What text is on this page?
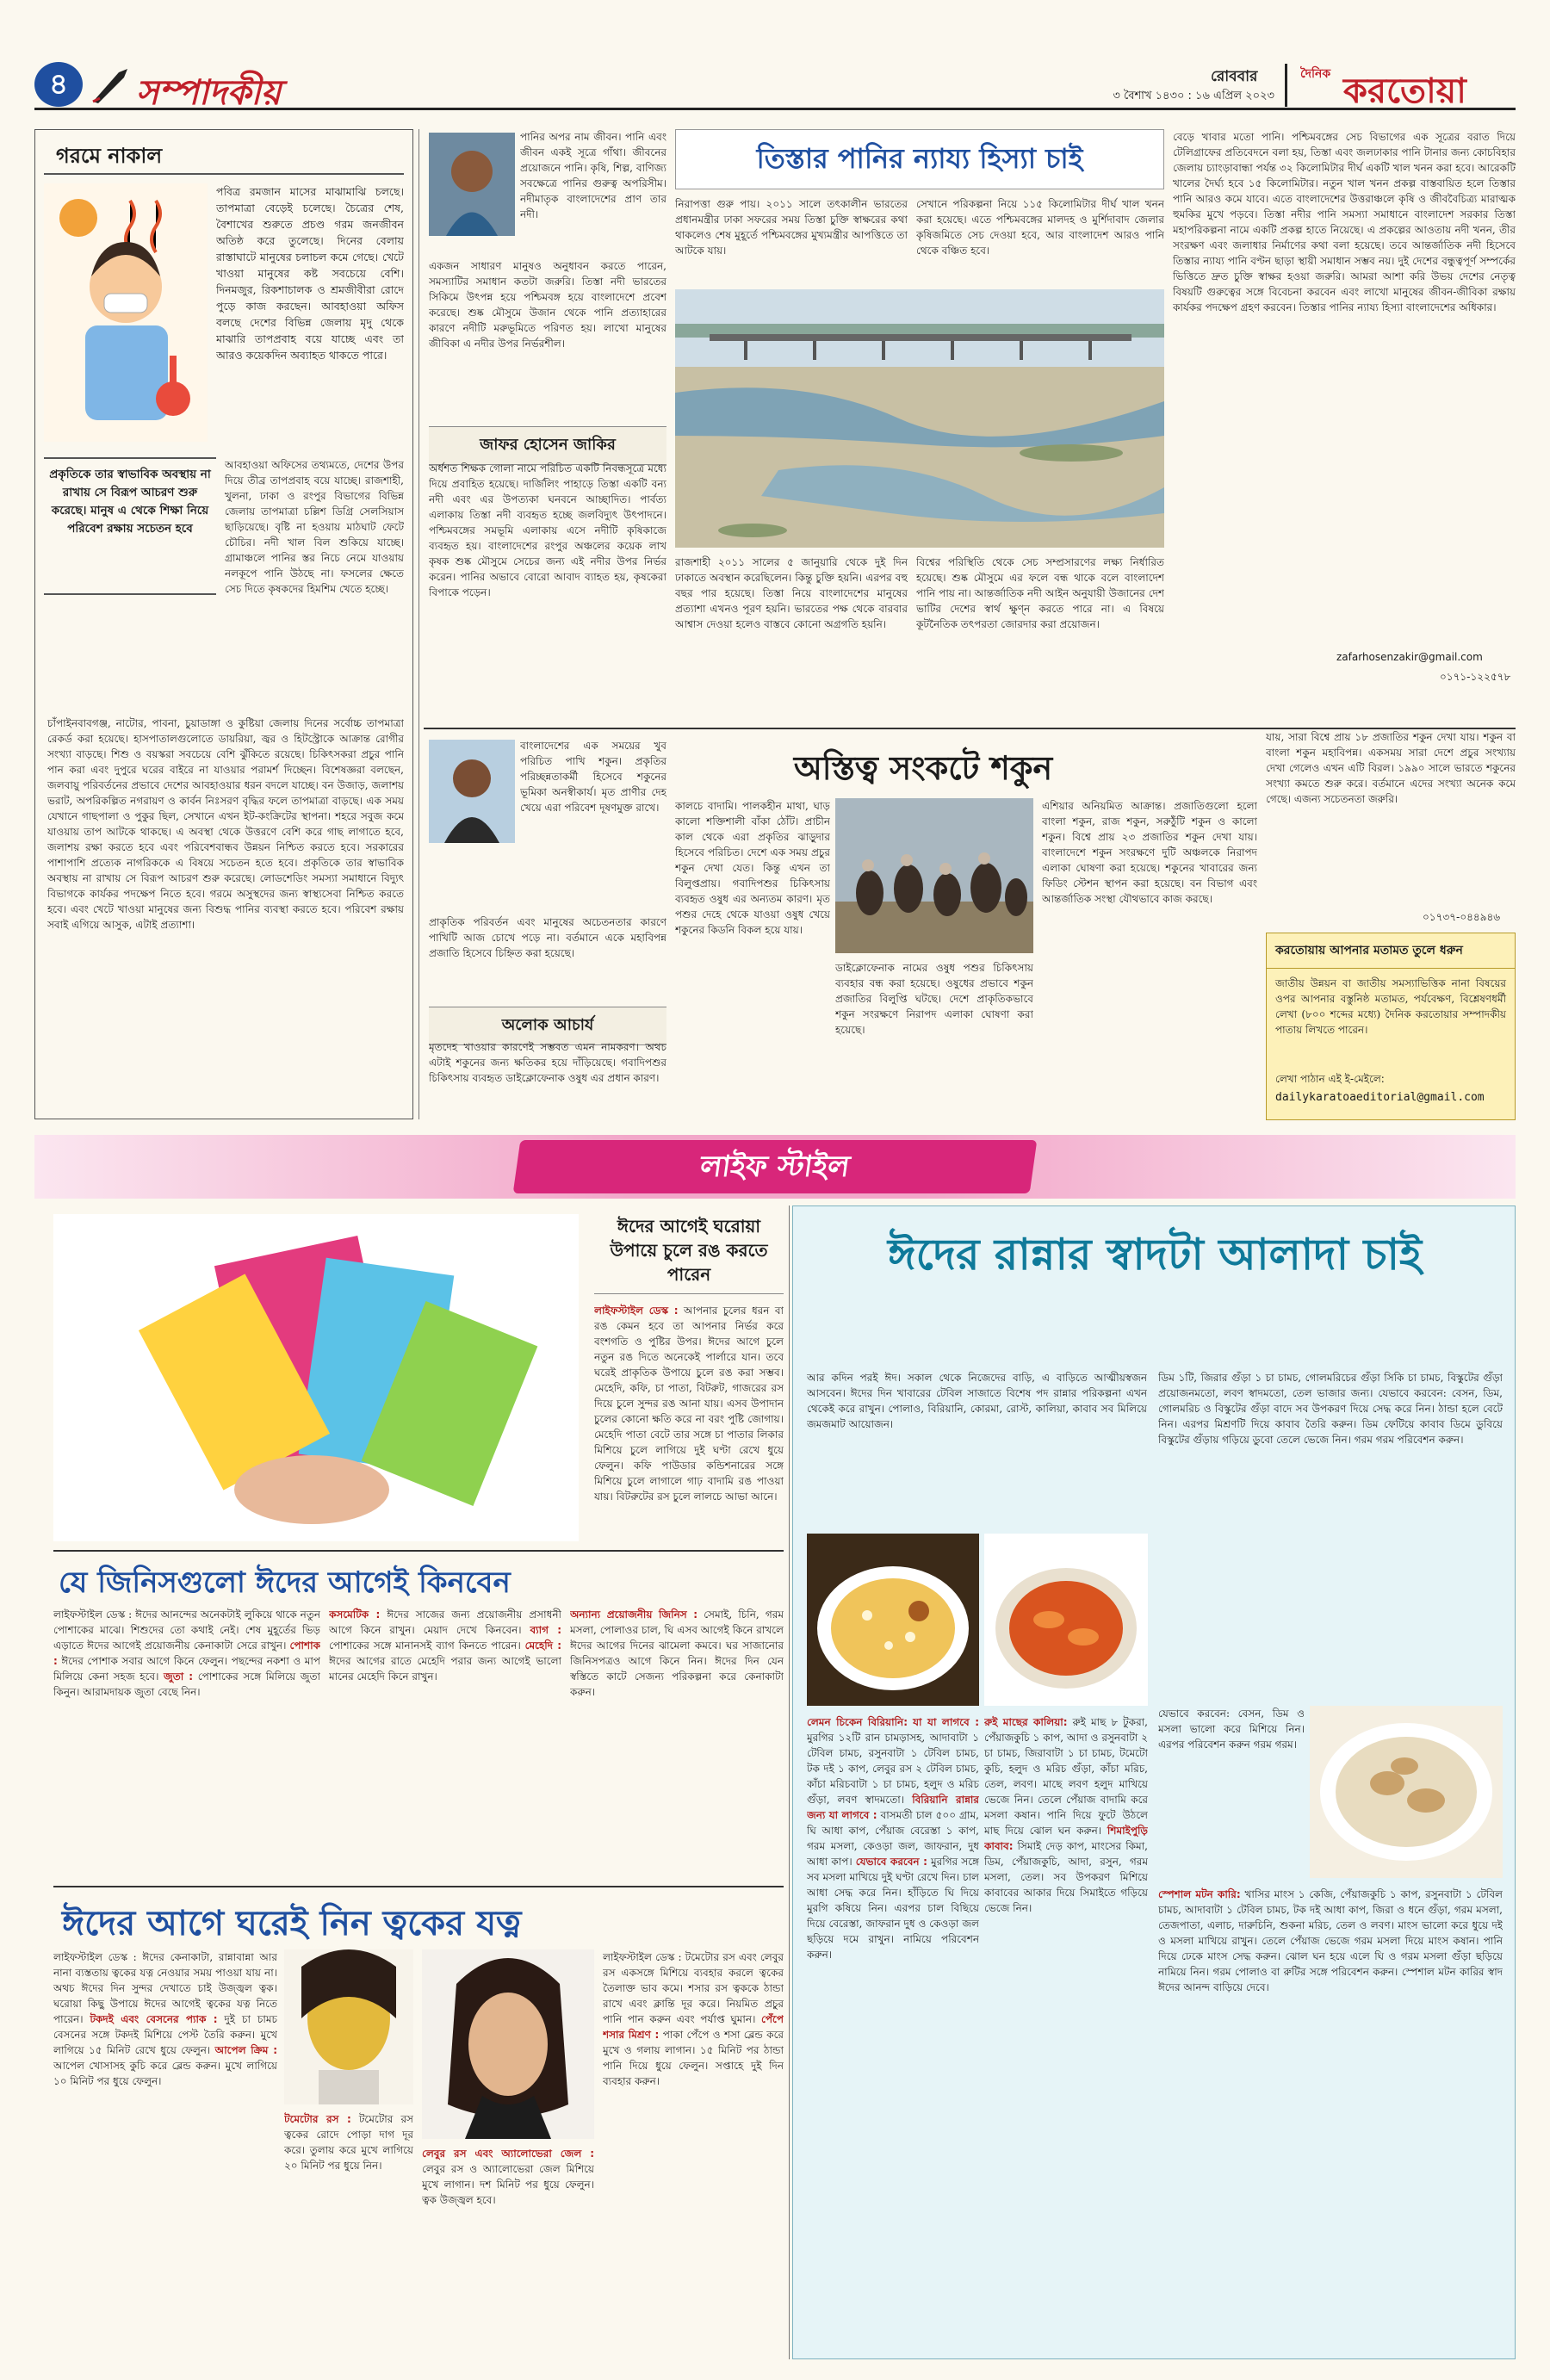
৪	সম্পাদকীয়	রোববার
৩ বৈশাখ ১৪৩০ : ১৬ এপ্রিল ২০২৩
দৈনিক করতোয়া
গরমে নাকাল
পবিত্র রমজান মাসের মাঝামাঝি চলছে। তাপমাত্রা বেড়েই চলেছে। চৈত্রের শেষ, বৈশাখের শুরুতে প্রচণ্ড গরম জনজীবন অতিষ্ঠ করে তুলেছে। দিনের বেলায় রাস্তাঘাটে মানুষের চলাচল কমে গেছে। খেটে খাওয়া মানুষের কষ্ট সবচেয়ে বেশি। দিনমজুর, রিকশাচালক ও শ্রমজীবীরা রোদে পুড়ে কাজ করছেন। আবহাওয়া অফিস বলছে দেশের বিভিন্ন জেলায় মৃদু থেকে মাঝারি তাপপ্রবাহ বয়ে যাচ্ছে এবং তা আরও কয়েকদিন অব্যাহত থাকতে পারে।
প্রকৃতিকে তার স্বাভাবিক অবস্থায় না রাখায় সে বিরূপ আচরণ শুরু করেছে। মানুষ এ থেকে শিক্ষা নিয়ে পরিবেশ রক্ষায় সচেতন হবে
আবহাওয়া অফিসের তথ্যমতে, দেশের উপর দিয়ে তীব্র তাপপ্রবাহ বয়ে যাচ্ছে। রাজশাহী, খুলনা, ঢাকা ও রংপুর বিভাগের বিভিন্ন জেলায় তাপমাত্রা চল্লিশ ডিগ্রি সেলসিয়াস ছাড়িয়েছে। বৃষ্টি না হওয়ায় মাঠঘাট ফেটে চৌচির। নদী খাল বিল শুকিয়ে যাচ্ছে। গ্রামাঞ্চলে পানির স্তর নিচে নেমে যাওয়ায় নলকূপে পানি উঠছে না। ফসলের ক্ষেতে সেচ দিতে কৃষকদের হিমশিম খেতে হচ্ছে।
চাঁপাইনবাবগঞ্জ, নাটোর, পাবনা, চুয়াডাঙ্গা ও কুষ্টিয়া জেলায় দিনের সর্বোচ্চ তাপমাত্রা রেকর্ড করা হয়েছে। হাসপাতালগুলোতে ডায়রিয়া, জ্বর ও হিটস্ট্রোকে আক্রান্ত রোগীর সংখ্যা বাড়ছে। শিশু ও বয়স্করা সবচেয়ে বেশি ঝুঁকিতে রয়েছে। চিকিৎসকরা প্রচুর পানি পান করা এবং দুপুরে ঘরের বাইরে না যাওয়ার পরামর্শ দিচ্ছেন। বিশেষজ্ঞরা বলছেন, জলবায়ু পরিবর্তনের প্রভাবে দেশের আবহাওয়ার ধরন বদলে যাচ্ছে। বন উজাড়, জলাশয় ভরাট, অপরিকল্পিত নগরায়ণ ও কার্বন নিঃসরণ বৃদ্ধির ফলে তাপমাত্রা বাড়ছে। এক সময় যেখানে গাছপালা ও পুকুর ছিল, সেখানে এখন ইট-কংক্রিটের স্থাপনা। শহরে সবুজ কমে যাওয়ায় তাপ আটকে থাকছে। এ অবস্থা থেকে উত্তরণে বেশি করে গাছ লাগাতে হবে, জলাশয় রক্ষা করতে হবে এবং পরিবেশবান্ধব উন্নয়ন নিশ্চিত করতে হবে। সরকারের পাশাপাশি প্রত্যেক নাগরিককে এ বিষয়ে সচেতন হতে হবে। প্রকৃতিকে তার স্বাভাবিক অবস্থায় না রাখায় সে বিরূপ আচরণ শুরু করেছে। লোডশেডিং সমস্যা সমাধানে বিদ্যুৎ বিভাগকে কার্যকর পদক্ষেপ নিতে হবে। গরমে অসুস্থদের জন্য স্বাস্থ্যসেবা নিশ্চিত করতে হবে। এবং খেটে খাওয়া মানুষের জন্য বিশুদ্ধ পানির ব্যবস্থা করতে হবে। পরিবেশ রক্ষায় সবাই এগিয়ে আসুক, এটাই প্রত্যাশা।
পানির অপর নাম জীবন। পানি এবং জীবন একই সূত্রে গাঁথা। জীবনের প্রয়োজনে পানি। কৃষি, শিল্প, বাণিজ্য সবক্ষেত্রে পানির গুরুত্ব অপরিসীম। নদীমাতৃক বাংলাদেশের প্রাণ তার নদী।
একজন সাধারণ মানুষও অনুধাবন করতে পারেন, সমস্যাটির সমাধান কতটা জরুরি। তিস্তা নদী ভারতের সিকিমে উৎপন্ন হয়ে পশ্চিমবঙ্গ হয়ে বাংলাদেশে প্রবেশ করেছে। শুষ্ক মৌসুমে উজান থেকে পানি প্রত্যাহারের কারণে নদীটি মরুভূমিতে পরিণত হয়। লাখো মানুষের জীবিকা এ নদীর উপর নির্ভরশীল।
জাফর হোসেন জাকির
অর্ধশত শিক্ষক গোলা নামে পরিচিত একটি নিবন্ধসূত্রে মধ্যে দিয়ে প্রবাহিত হয়েছে। দার্জিলিং পাহাড়ে তিস্তা একটি বন্য নদী এবং এর উপত্যকা ঘনবনে আচ্ছাদিত। পার্বত্য এলাকায় তিস্তা নদী ব্যবহৃত হচ্ছে জলবিদ্যুৎ উৎপাদনে। পশ্চিমবঙ্গের সমভূমি এলাকায় এসে নদীটি কৃষিকাজে ব্যবহৃত হয়। বাংলাদেশের রংপুর অঞ্চলের কয়েক লাখ কৃষক শুষ্ক মৌসুমে সেচের জন্য এই নদীর উপর নির্ভর করেন। পানির অভাবে বোরো আবাদ ব্যাহত হয়, কৃষকেরা বিপাকে পড়েন।
তিস্তার পানির ন্যায্য হিস্যা চাই
নিরাপত্তা গুরু পায়। ২০১১ সালে তৎকালীন ভারতের প্রধানমন্ত্রীর ঢাকা সফরের সময় তিস্তা চুক্তি স্বাক্ষরের কথা থাকলেও শেষ মুহূর্তে পশ্চিমবঙ্গের মুখ্যমন্ত্রীর আপত্তিতে তা আটকে যায়।
সেখানে পরিকল্পনা নিয়ে ১১৫ কিলোমিটার দীর্ঘ খাল খনন করা হয়েছে। এতে পশ্চিমবঙ্গের মালদহ ও মুর্শিদাবাদ জেলার কৃষিজমিতে সেচ দেওয়া হবে, আর বাংলাদেশ আরও পানি থেকে বঞ্চিত হবে।
রাজশাহী ২০১১ সালের ৫ জানুয়ারি থেকে দুই দিন ঢাকাতে অবস্থান করেছিলেন। কিন্তু চুক্তি হয়নি। এরপর বহু বছর পার হয়েছে। তিস্তা নিয়ে বাংলাদেশের মানুষের প্রত্যাশা এখনও পূরণ হয়নি। ভারতের পক্ষ থেকে বারবার আশ্বাস দেওয়া হলেও বাস্তবে কোনো অগ্রগতি হয়নি।
বিশ্বের পরিস্থিতি থেকে সেচ সম্প্রসারণের লক্ষ্য নির্ধারিত হয়েছে। শুষ্ক মৌসুমে এর ফলে বন্ধ থাকে বলে বাংলাদেশ পানি পায় না। আন্তর্জাতিক নদী আইন অনুযায়ী উজানের দেশ ভাটির দেশের স্বার্থ ক্ষুণ্ন করতে পারে না। এ বিষয়ে কূটনৈতিক তৎপরতা জোরদার করা প্রয়োজন।
বেড়ে খাবার মতো পানি। পশ্চিমবঙ্গের সেচ বিভাগের এক সূত্রের বরাত দিয়ে টেলিগ্রাফের প্রতিবেদনে বলা হয়, তিস্তা এবং জলঢাকার পানি টানার জন্য কোচবিহার জেলায় চ্যাংড়াবান্ধা পর্যন্ত ৩২ কিলোমিটার দীর্ঘ একটি খাল খনন করা হবে। আরেকটি খালের দৈর্ঘ্য হবে ১৫ কিলোমিটার। নতুন খাল খনন প্রকল্প বাস্তবায়িত হলে তিস্তার পানি আরও কমে যাবে। এতে বাংলাদেশের উত্তরাঞ্চলে কৃষি ও জীববৈচিত্র্য মারাত্মক হুমকির মুখে পড়বে। তিস্তা নদীর পানি সমস্যা সমাধানে বাংলাদেশ সরকার তিস্তা মহাপরিকল্পনা নামে একটি প্রকল্প হাতে নিয়েছে। এ প্রকল্পের আওতায় নদী খনন, তীর সংরক্ষণ এবং জলাধার নির্মাণের কথা বলা হয়েছে। তবে আন্তর্জাতিক নদী হিসেবে তিস্তার ন্যায্য পানি বণ্টন ছাড়া স্থায়ী সমাধান সম্ভব নয়। দুই দেশের বন্ধুত্বপূর্ণ সম্পর্কের ভিত্তিতে দ্রুত চুক্তি স্বাক্ষর হওয়া জরুরি। আমরা আশা করি উভয় দেশের নেতৃত্ব বিষয়টি গুরুত্বের সঙ্গে বিবেচনা করবেন এবং লাখো মানুষের জীবন-জীবিকা রক্ষায় কার্যকর পদক্ষেপ গ্রহণ করবেন। তিস্তার পানির ন্যায্য হিস্যা বাংলাদেশের অধিকার।
zafarhosenzakir@gmail.com
০১৭১-১২২৫৭৮
বাংলাদেশের এক সময়ের খুব পরিচিত পাখি শকুন। প্রকৃতির পরিচ্ছন্নতাকর্মী হিসেবে শকুনের ভূমিকা অনস্বীকার্য। মৃত প্রাণীর দেহ খেয়ে এরা পরিবেশ দূষণমুক্ত রাখে।
প্রাকৃতিক পরিবর্তন এবং মানুষের অচেতনতার কারণে পাখিটি আজ চোখে পড়ে না। বর্তমানে একে মহাবিপন্ন প্রজাতি হিসেবে চিহ্নিত করা হয়েছে।
অলোক আচার্য
মৃতদেহ খাওয়ার কারণেই সম্ভবত এমন নামকরণ। অথচ এটাই শকুনের জন্য ক্ষতিকর হয়ে দাঁড়িয়েছে। গবাদিপশুর চিকিৎসায় ব্যবহৃত ডাইক্লোফেনাক ওষুধ এর প্রধান কারণ।
অস্তিত্ব সংকটে শকুন
কালচে বাদামি। পালকহীন মাথা, ঘাড় কালো শক্তিশালী বাঁকা ঠোঁট। প্রাচীন কাল থেকে এরা প্রকৃতির ঝাড়ুদার হিসেবে পরিচিত। দেশে এক সময় প্রচুর শকুন দেখা যেত। কিন্তু এখন তা বিলুপ্তপ্রায়। গবাদিপশুর চিকিৎসায় ব্যবহৃত ওষুধ এর অন্যতম কারণ। মৃত পশুর দেহে থেকে যাওয়া ওষুধ খেয়ে শকুনের কিডনি বিকল হয়ে যায়।
ডাইক্লোফেনাক নামের ওষুধ পশুর চিকিৎসায় ব্যবহার বন্ধ করা হয়েছে। ওষুধের প্রভাবে শকুন প্রজাতির বিলুপ্তি ঘটছে। দেশে প্রাকৃতিকভাবে শকুন সংরক্ষণে নিরাপদ এলাকা ঘোষণা করা হয়েছে।
এশিয়ার অনিয়মিত আক্রান্ত। প্রজাতিগুলো হলো বাংলা শকুন, রাজ শকুন, সরুঠুঁটি শকুন ও কালো শকুন। বিশ্বে প্রায় ২৩ প্রজাতির শকুন দেখা যায়। বাংলাদেশে শকুন সংরক্ষণে দুটি অঞ্চলকে নিরাপদ এলাকা ঘোষণা করা হয়েছে। শকুনের খাবারের জন্য ফিডিং স্টেশন স্থাপন করা হয়েছে। বন বিভাগ এবং আন্তর্জাতিক সংস্থা যৌথভাবে কাজ করছে।
যায়, সারা বিশ্বে প্রায় ১৮ প্রজাতির শকুন দেখা যায়। শকুন বা বাংলা শকুন মহাবিপন্ন। একসময় সারা দেশে প্রচুর সংখ্যায় দেখা গেলেও এখন এটি বিরল। ১৯৯০ সালে ভারতে শকুনের সংখ্যা কমতে শুরু করে। বর্তমানে এদের সংখ্যা অনেক কমে গেছে। এজন্য সচেতনতা জরুরি।
০১৭৩৭-০৪৪৯৪৬
করতোয়ায় আপনার মতামত তুলে ধরুন
জাতীয় উন্নয়ন বা জাতীয় সমস্যাভিত্তিক নানা বিষয়ের ওপর আপনার বস্তুনিষ্ঠ মতামত, পর্যবেক্ষণ, বিশ্লেষণধর্মী লেখা (৮০০ শব্দের মধ্যে) দৈনিক করতোয়ার সম্পাদকীয় পাতায় লিখতে পারেন।
লেখা পাঠান এই ই-মেইলে:
dailykaratoaeditorial@gmail.com
লাইফ স্টাইল
ঈদের আগেই ঘরোয়া উপায়ে চুলে রঙ করতে পারেন
লাইফস্টাইল ডেস্ক : আপনার চুলের ধরন বা রঙ কেমন হবে তা আপনার নির্ভর করে বংশগতি ও পুষ্টির উপর। ঈদের আগে চুলে নতুন রঙ দিতে অনেকেই পার্লারে যান। তবে ঘরেই প্রাকৃতিক উপায়ে চুলে রঙ করা সম্ভব। মেহেদি, কফি, চা পাতা, বিটরুট, গাজরের রস দিয়ে চুলে সুন্দর রঙ আনা যায়। এসব উপাদান চুলের কোনো ক্ষতি করে না বরং পুষ্টি জোগায়। মেহেদি পাতা বেটে তার সঙ্গে চা পাতার লিকার মিশিয়ে চুলে লাগিয়ে দুই ঘণ্টা রেখে ধুয়ে ফেলুন। কফি পাউডার কন্ডিশনারের সঙ্গে মিশিয়ে চুলে লাগালে গাঢ় বাদামি রঙ পাওয়া যায়। বিটরুটের রস চুলে লালচে আভা আনে।
ঈদের রান্নার স্বাদটা আলাদা চাই
আর কদিন পরই ঈদ। সকাল থেকে নিজেদের বাড়ি, এ বাড়িতে আত্মীয়স্বজন আসবেন। ঈদের দিন খাবারের টেবিল সাজাতে বিশেষ পদ রান্নার পরিকল্পনা এখন থেকেই করে রাখুন। পোলাও, বিরিয়ানি, কোরমা, রোস্ট, কালিয়া, কাবাব সব মিলিয়ে জমজমাট আয়োজন।
ডিম ১টি, জিরার গুঁড়া ১ চা চামচ, গোলমরিচের গুঁড়া সিকি চা চামচ, বিস্কুটের গুঁড়া প্রয়োজনমতো, লবণ স্বাদমতো, তেল ভাজার জন্য। যেভাবে করবেন: বেসন, ডিম, গোলমরিচ ও বিস্কুটের গুঁড়া বাদে সব উপকরণ দিয়ে সেদ্ধ করে নিন। ঠান্ডা হলে বেটে নিন। এরপর মিশ্রণটি দিয়ে কাবাব তৈরি করুন। ডিম ফেটিয়ে কাবাব ডিমে ডুবিয়ে বিস্কুটের গুঁড়ায় গড়িয়ে ডুবো তেলে ভেজে নিন। গরম গরম পরিবেশন করুন।
লেমন চিকেন বিরিয়ানি: যা যা লাগবে : মুরগির ১২টি রান চামড়াসহ, আদাবাটা ১ টেবিল চামচ, রসুনবাটা ১ টেবিল চামচ, টক দই ১ কাপ, লেবুর রস ২ টেবিল চামচ, কাঁচা মরিচবাটা ১ চা চামচ, হলুদ ও মরিচ গুঁড়া, লবণ স্বাদমতো। বিরিয়ানি রান্নার জন্য যা লাগবে : বাসমতী চাল ৫০০ গ্রাম, ঘি আধা কাপ, পেঁয়াজ বেরেস্তা ১ কাপ, গরম মসলা, কেওড়া জল, জাফরান, দুধ আধা কাপ। যেভাবে করবেন : মুরগির সঙ্গে সব মসলা মাখিয়ে দুই ঘণ্টা রেখে দিন। চাল আধা সেদ্ধ করে নিন। হাঁড়িতে ঘি দিয়ে মুরগি কষিয়ে নিন। এরপর চাল বিছিয়ে দিয়ে বেরেস্তা, জাফরান দুধ ও কেওড়া জল ছড়িয়ে দমে রাখুন। নামিয়ে পরিবেশন করুন।
রুই মাছের কালিয়া: রুই মাছ ৮ টুকরা, পেঁয়াজকুচি ১ কাপ, আদা ও রসুনবাটা ২ চা চামচ, জিরাবাটা ১ চা চামচ, টমেটো কুচি, হলুদ ও মরিচ গুঁড়া, কাঁচা মরিচ, তেল, লবণ। মাছে লবণ হলুদ মাখিয়ে ভেজে নিন। তেলে পেঁয়াজ বাদামি করে মসলা কষান। পানি দিয়ে ফুটে উঠলে মাছ দিয়ে ঝোল ঘন করুন। শিমাইপুড়ি কাবাব: সিমাই দেড় কাপ, মাংসের কিমা, ডিম, পেঁয়াজকুচি, আদা, রসুন, গরম মসলা, তেল। সব উপকরণ মিশিয়ে কাবাবের আকার দিয়ে সিমাইতে গড়িয়ে ভেজে নিন।
যেভাবে করবেন: বেসন, ডিম ও মসলা ভালো করে মিশিয়ে নিন। এরপর পরিবেশন করুন গরম গরম।
স্পেশাল মটন কারি: খাসির মাংস ১ কেজি, পেঁয়াজকুচি ১ কাপ, রসুনবাটা ১ টেবিল চামচ, আদাবাটা ১ টেবিল চামচ, টক দই আধা কাপ, জিরা ও ধনে গুঁড়া, গরম মসলা, তেজপাতা, এলাচ, দারুচিনি, শুকনা মরিচ, তেল ও লবণ। মাংস ভালো করে ধুয়ে দই ও মসলা মাখিয়ে রাখুন। তেলে পেঁয়াজ ভেজে গরম মসলা দিয়ে মাংস কষান। পানি দিয়ে ঢেকে মাংস সেদ্ধ করুন। ঝোল ঘন হয়ে এলে ঘি ও গরম মসলা গুঁড়া ছড়িয়ে নামিয়ে নিন। গরম পোলাও বা রুটির সঙ্গে পরিবেশন করুন। স্পেশাল মটন কারির স্বাদ ঈদের আনন্দ বাড়িয়ে দেবে।
যে জিনিসগুলো ঈদের আগেই কিনবেন
লাইফস্টাইল ডেস্ক : ঈদের আনন্দের অনেকটাই লুকিয়ে থাকে নতুন পোশাকের মাঝে। শিশুদের তো কথাই নেই। শেষ মুহূর্তের ভিড় এড়াতে ঈদের আগেই প্রয়োজনীয় কেনাকাটা সেরে রাখুন। পোশাক : ঈদের পোশাক সবার আগে কিনে ফেলুন। পছন্দের নকশা ও মাপ মিলিয়ে কেনা সহজ হবে। জুতা : পোশাকের সঙ্গে মিলিয়ে জুতা কিনুন। আরামদায়ক জুতা বেছে নিন।
কসমেটিক : ঈদের সাজের জন্য প্রয়োজনীয় প্রসাধনী আগে কিনে রাখুন। মেয়াদ দেখে কিনবেন। ব্যাগ : পোশাকের সঙ্গে মানানসই ব্যাগ কিনতে পারেন। মেহেদি : ঈদের আগের রাতে মেহেদি পরার জন্য আগেই ভালো মানের মেহেদি কিনে রাখুন।
অন্যান্য প্রয়োজনীয় জিনিস : সেমাই, চিনি, গরম মসলা, পোলাওর চাল, ঘি এসব আগেই কিনে রাখলে ঈদের আগের দিনের ঝামেলা কমবে। ঘর সাজানোর জিনিসপত্রও আগে কিনে নিন। ঈদের দিন যেন স্বস্তিতে কাটে সেজন্য পরিকল্পনা করে কেনাকাটা করুন।
ঈদের আগে ঘরেই নিন ত্বকের যত্ন
লাইফস্টাইল ডেস্ক : ঈদের কেনাকাটা, রান্নাবান্না আর নানা ব্যস্ততায় ত্বকের যত্ন নেওয়ার সময় পাওয়া যায় না। অথচ ঈদের দিন সুন্দর দেখাতে চাই উজ্জ্বল ত্বক। ঘরোয়া কিছু উপায়ে ঈদের আগেই ত্বকের যত্ন নিতে পারেন। টকদই এবং বেসনের প্যাক : দুই চা চামচ বেসনের সঙ্গে টকদই মিশিয়ে পেস্ট তৈরি করুন। মুখে লাগিয়ে ১৫ মিনিট রেখে ধুয়ে ফেলুন। আপেল ক্রিম : আপেল খোসাসহ কুচি করে ব্লেন্ড করুন। মুখে লাগিয়ে ১০ মিনিট পর ধুয়ে ফেলুন।
টমেটোর রস : টমেটোর রস ত্বকের রোদে পোড়া দাগ দূর করে। তুলায় করে মুখে লাগিয়ে ২০ মিনিট পর ধুয়ে নিন।
লেবুর রস এবং অ্যালোভেরা জেল : লেবুর রস ও অ্যালোভেরা জেল মিশিয়ে মুখে লাগান। দশ মিনিট পর ধুয়ে ফেলুন। ত্বক উজ্জ্বল হবে।
লাইফস্টাইল ডেস্ক : টমেটোর রস এবং লেবুর রস একসঙ্গে মিশিয়ে ব্যবহার করলে ত্বকের তৈলাক্ত ভাব কমে। শসার রস ত্বককে ঠান্ডা রাখে এবং ক্লান্তি দূর করে। নিয়মিত প্রচুর পানি পান করুন এবং পর্যাপ্ত ঘুমান। পেঁপে শসার মিশ্রণ : পাকা পেঁপে ও শসা ব্লেন্ড করে মুখে ও গলায় লাগান। ১৫ মিনিট পর ঠান্ডা পানি দিয়ে ধুয়ে ফেলুন। সপ্তাহে দুই দিন ব্যবহার করুন।
